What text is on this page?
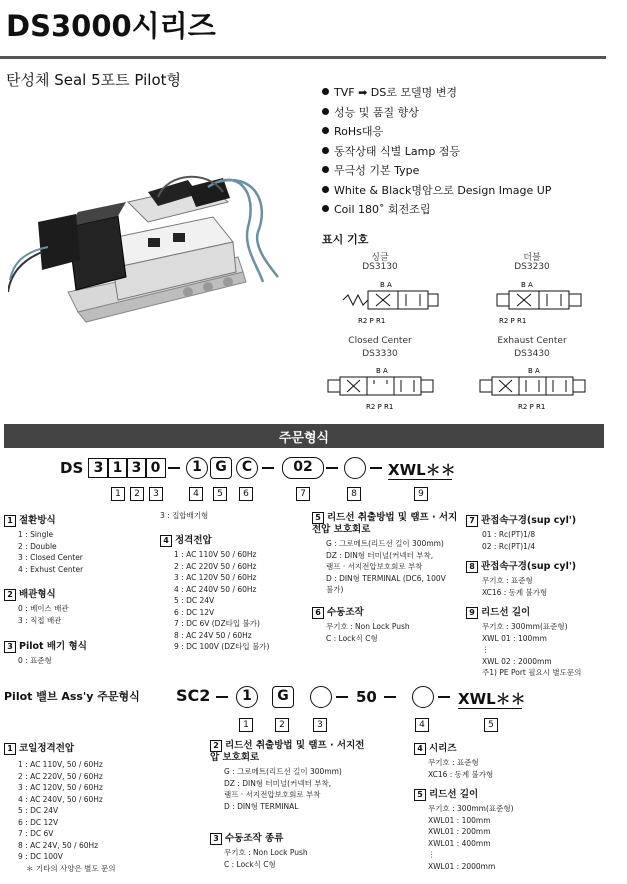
DS3000시리즈
탄성체 Seal 5포트 Pilot형
TVF ➡ DS로 모델명 변경
성능 및 품질 향상
RoHs대응
동작상태 식별 Lamp 점등
무극성 기본 Type
White & Black명암으로 Design Image UP
Coil 180˚ 회전조립
표시 기호
싱글
DS3130
더블
DS3230
Closed Center
DS3330
Exhaust Center
DS3430
B A
R2 P R1
B A
R2 P R1
B A
R2 P R1
B A
R2 P R1
주문형식
DS 3 1 3 0	1 G	C	02	XWL＊＊
1	2	3	4	5	6	7	8	9
1 절환방식
1 : Single
2 : Double
3 : Closed Center
4 : Exhust Center
2 배관형식
0 : 베이스 배관
3 : 직접 배관
3 Pilot 배기 형식
0 : 표준형
3 : 집합배기형
4 정격전압
1 : AC 110V 50 / 60Hz
2 : AC 220V 50 / 60Hz
3 : AC 120V 50 / 60Hz
4 : AC 240V 50 / 60Hz
5 : DC 24V
6 : DC 12V
7 : DC 6V (DZ타입 불가)
8 : AC 24V 50 / 60Hz
9 : DC 100V (DZ타입 불가)
5 리드선 취출방법 및 램프 · 서지전압 보호회로
G : 그로메트(리드선 길이 300mm)
DZ : DIN형 터미널(커넥터 부착,
램프 · 서지전압보호회로 부착
D : DIN형 TERMINAL (DC6, 100V
불가)
6 수동조작
무기호 : Non Lock Push
C : Lock식 C형
7 관접속구경(sup cyl')
01 : Rc(PT)1/8
02 : Rc(PT)1/4
8 관접속구경(sup cyl')
무기호 : 표준형
XC16 : 동계 불가형
9 리드선 길이
무기호 : 300mm(표준형)
XWL 01 : 100mm
⋮
XWL 02 : 2000mm
주1) PE Port 필요시 별도문의
Pilot 밸브 Ass'y 주문형식 SC2	1	G	50	XWL＊＊
1	2	3	4	5
1 코일정격전압
1 : AC 110V, 50 / 60Hz
2 : AC 220V, 50 / 60Hz
3 : AC 120V, 50 / 60Hz
4 : AC 240V, 50 / 60Hz
5 : DC 24V
6 : DC 12V
7 : DC 6V
8 : AC 24V, 50 / 60Hz
9 : DC 100V
＊ 기타의 사양은 별도 문의
2 리드선 취출방법 및 램프 · 서지전압 보호회로
G : 그로메트(리드선 길이 300mm)
DZ : DIN형 터미널(커넥터 부착,
램프 · 서지전압보호회로 부착
D : DIN형 TERMINAL
3 수동조작 종류
무기호 : Non Lock Push
C : Lock식 C형
4 시리즈
무기호 : 표준형
XC16 : 동계 불가형
5 리드선 길이
무기호 : 300mm(표준형)
XWL01 : 100mm
XWL01 : 200mm
XWL01 : 400mm
⋮
XWL01 : 2000mm
